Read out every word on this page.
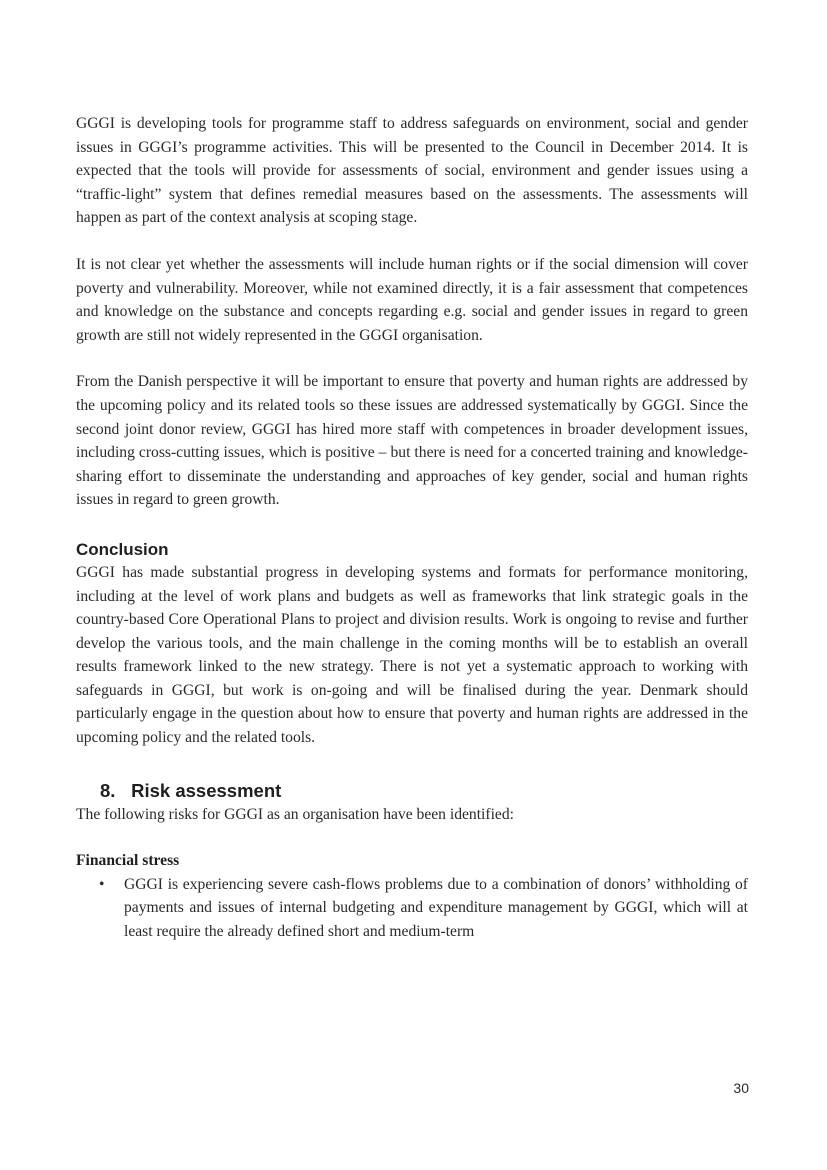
GGGI is developing tools for programme staff to address safeguards on environment, social and gender issues in GGGI’s programme activities. This will be presented to the Council in December 2014. It is expected that the tools will provide for assessments of social, environment and gender issues using a “traffic-light” system that defines remedial measures based on the assessments. The assessments will happen as part of the context analysis at scoping stage.

It is not clear yet whether the assessments will include human rights or if the social dimension will cover poverty and vulnerability. Moreover, while not examined directly, it is a fair assessment that competences and knowledge on the substance and concepts regarding e.g. social and gender issues in regard to green growth are still not widely represented in the GGGI organisation.

From the Danish perspective it will be important to ensure that poverty and human rights are addressed by the upcoming policy and its related tools so these issues are addressed systematically by GGGI. Since the second joint donor review, GGGI has hired more staff with competences in broader development issues, including cross-cutting issues, which is positive – but there is need for a concerted training and knowledge-sharing effort to disseminate the understanding and approaches of key gender, social and human rights issues in regard to green growth.

Conclusion

GGGI has made substantial progress in developing systems and formats for performance monitoring, including at the level of work plans and budgets as well as frameworks that link strategic goals in the country-based Core Operational Plans to project and division results. Work is ongoing to revise and further develop the various tools, and the main challenge in the coming months will be to establish an overall results framework linked to the new strategy. There is not yet a systematic approach to working with safeguards in GGGI, but work is on-going and will be finalised during the year. Denmark should particularly engage in the question about how to ensure that poverty and human rights are addressed in the upcoming policy and the related tools.

8. Risk assessment

The following risks for GGGI as an organisation have been identified:

Financial stress

• GGGI is experiencing severe cash-flows problems due to a combination of donors’ withholding of payments and issues of internal budgeting and expenditure management by GGGI, which will at least require the already defined short and medium-term

30
